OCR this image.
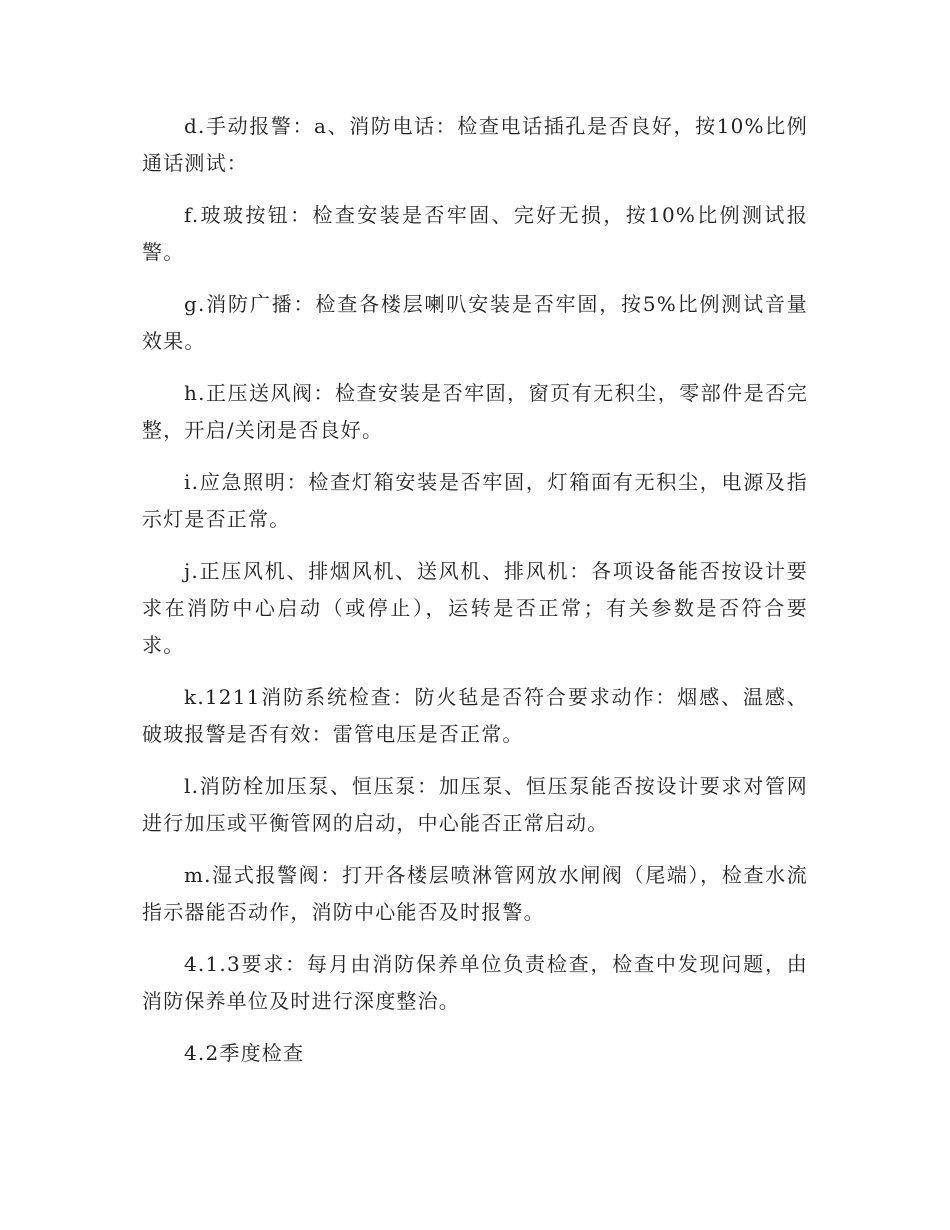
d.手动报警：a、消防电话：检查电话插孔是否良好，按10%比例通话测试：

f.玻玻按钮：检查安装是否牢固、完好无损，按10%比例测试报警。

g.消防广播：检查各楼层喇叭安装是否牢固，按5%比例测试音量效果。

h.正压送风阀：检查安装是否牢固，窗页有无积尘，零部件是否完整，开启/关闭是否良好。

i.应急照明：检查灯箱安装是否牢固，灯箱面有无积尘，电源及指示灯是否正常。

j.正压风机、排烟风机、送风机、排风机：各项设备能否按设计要求在消防中心启动（或停止），运转是否正常；有关参数是否符合要求。

k.1211消防系统检查：防火毡是否符合要求动作：烟感、温感、破玻报警是否有效：雷管电压是否正常。

l.消防栓加压泵、恒压泵：加压泵、恒压泵能否按设计要求对管网进行加压或平衡管网的启动，中心能否正常启动。

m.湿式报警阀：打开各楼层喷淋管网放水闸阀（尾端），检查水流指示器能否动作，消防中心能否及时报警。

4.1.3要求：每月由消防保养单位负责检查，检查中发现问题，由消防保养单位及时进行深度整治。

4.2季度检查
